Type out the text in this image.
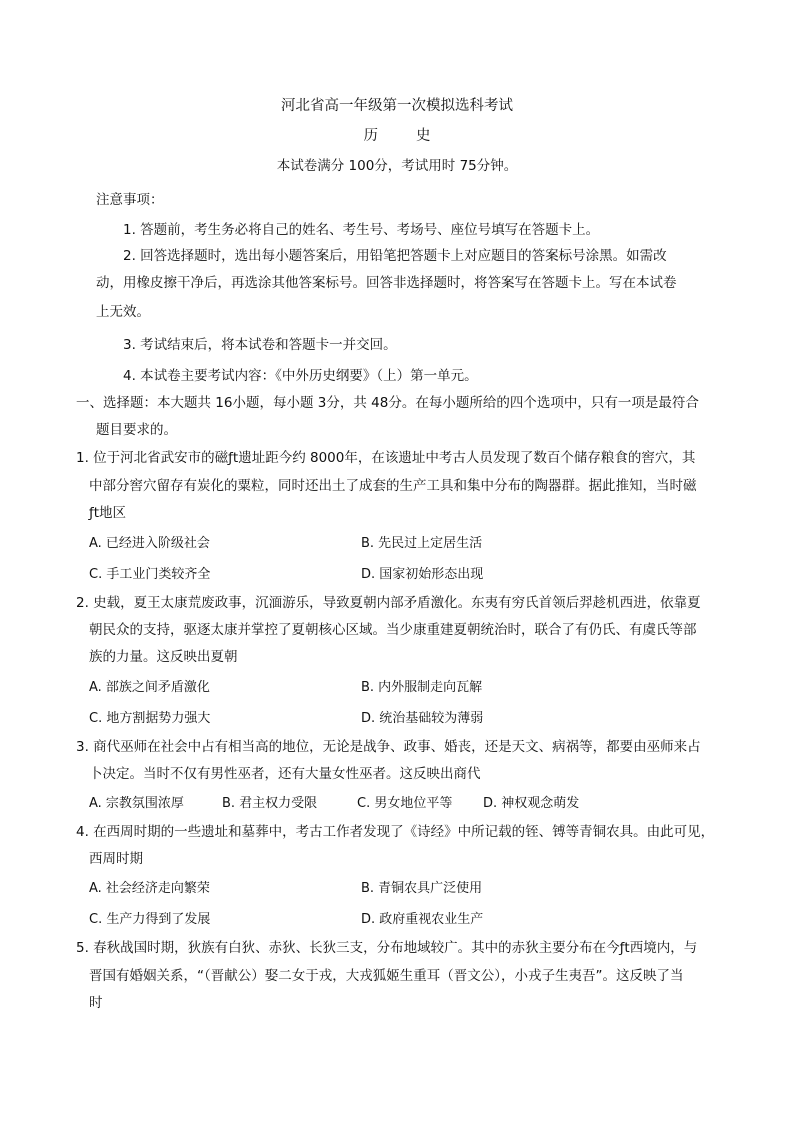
河北省高一年级第一次模拟选科考试
历	史
本试卷满分 100分，考试用时 75分钟。
注意事项：
1. 答题前，考生务必将自己的姓名、考生号、考场号、座位号填写在答题卡上。
2. 回答选择题时，选出每小题答案后，用铅笔把答题卡上对应题目的答案标号涂黑。如需改
动，用橡皮擦干净后，再选涂其他答案标号。回答非选择题时，将答案写在答题卡上。写在本试卷
上无效。
3. 考试结束后，将本试卷和答题卡一并交回。
4. 本试卷主要考试内容：《中外历史纲要》（上）第一单元。
一、选择题：本大题共 16小题，每小题 3分，共 48分。在每小题所给的四个选项中，只有一项是最符合
题目要求的。
1. 位于河北省武安市的磁ƒt遗址距今约 8000年，在该遗址中考古人员发现了数百个储存粮食的窖穴，其
中部分窖穴留存有炭化的粟粒，同时还出土了成套的生产工具和集中分布的陶器群。据此推知，当时磁
ƒt地区
A. 已经进入阶级社会	B. 先民过上定居生活
C. 手工业门类较齐全	D. 国家初始形态出现
2. 史载，夏王太康荒废政事，沉湎游乐，导致夏朝内部矛盾激化。东夷有穷氏首领后羿趁机西进，依靠夏
朝民众的支持，驱逐太康并掌控了夏朝核心区域。当少康重建夏朝统治时，联合了有仍氏、有虞氏等部
族的力量。这反映出夏朝
A. 部族之间矛盾激化	B. 内外服制走向瓦解
C. 地方割据势力强大	D. 统治基础较为薄弱
3. 商代巫师在社会中占有相当高的地位，无论是战争、政事、婚丧，还是天文、病祸等，都要由巫师来占
卜决定。当时不仅有男性巫者，还有大量女性巫者。这反映出商代
A. 宗教氛围浓厚	B. 君主权力受限	C. 男女地位平等 D. 神权观念萌发
4. 在西周时期的一些遗址和墓葬中，考古工作者发现了《诗经》中所记载的铚、镈等青铜农具。由此可见，
西周时期
A. 社会经济走向繁荣	B. 青铜农具广泛使用
C. 生产力得到了发展	D. 政府重视农业生产
5. 春秋战国时期，狄族有白狄、赤狄、长狄三支，分布地域较广。其中的赤狄主要分布在今ƒt西境内，与
晋国有婚姻关系，“（晋献公）娶二女于戎，大戎狐姬生重耳（晋文公），小戎子生夷吾”。这反映了当
时
